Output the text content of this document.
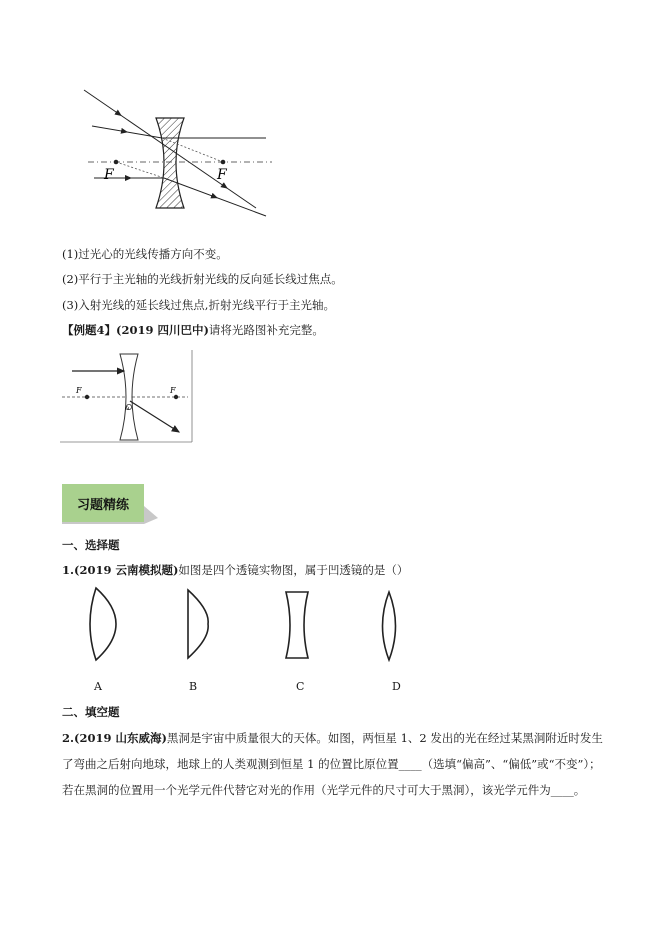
F	F
(1)过光心的光线传播方向不变。
(2)平行于主光轴的光线折射光线的反向延长线过焦点。
(3)入射光线的延长线过焦点,折射光线平行于主光轴。
【例题4】(2019 四川巴中)请将光路图补充完整。
F	F
O
习题精练
一、选择题
1.(2019 云南模拟题)如图是四个透镜实物图，属于凹透镜的是（）
A	B	C	D
二、填空题
2.(2019 山东威海)黑洞是宇宙中质量很大的天体。如图，两恒星 1、2 发出的光在经过某黑洞附近时发生
了弯曲之后射向地球，地球上的人类观测到恒星 1 的位置比原位置____（选填“偏高”、“偏低”或“不变”）；
若在黑洞的位置用一个光学元件代替它对光的作用（光学元件的尺寸可大于黑洞），该光学元件为____。
